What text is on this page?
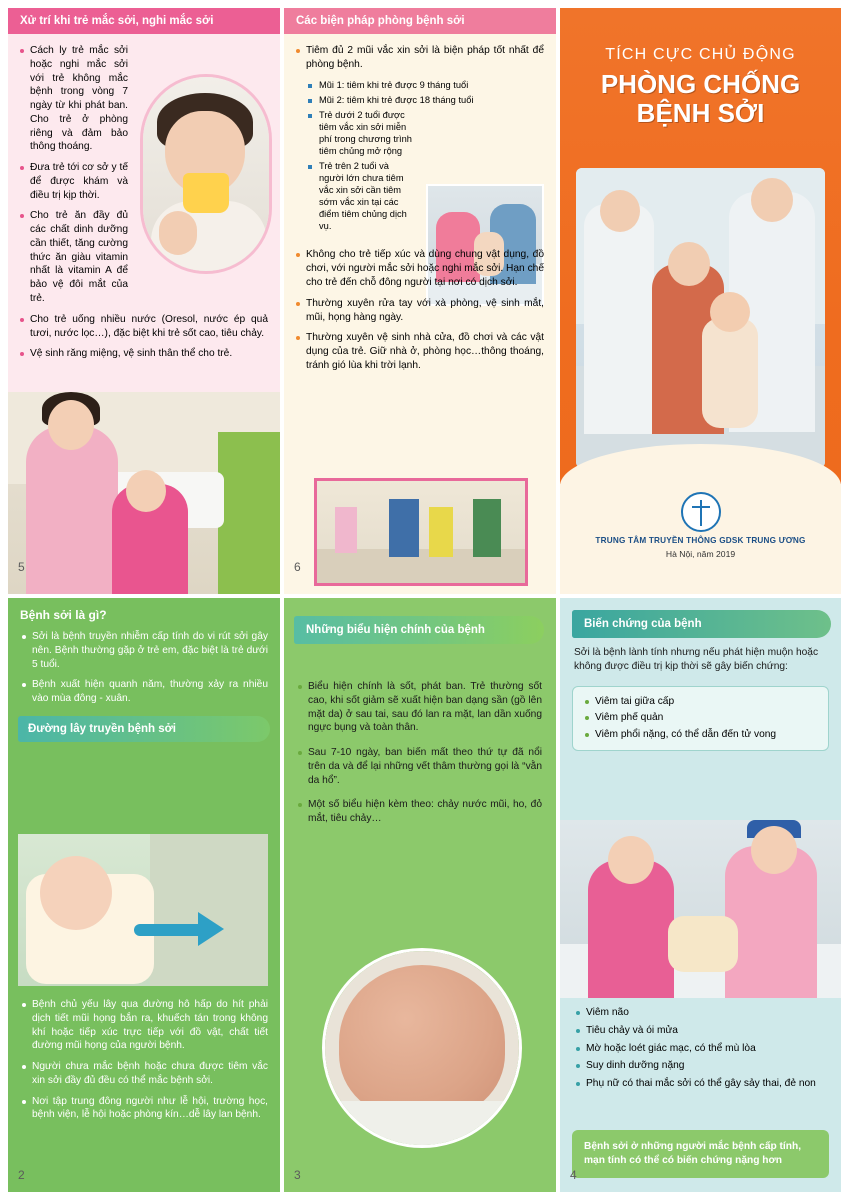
Xử trí khi trẻ mắc sởi, nghi mắc sởi
Cách ly trẻ mắc sởi hoặc nghi mắc sởi với trẻ không mắc bệnh trong vòng 7 ngày từ khi phát ban. Cho trẻ ở phòng riêng và đảm bảo thông thoáng.
Đưa trẻ tới cơ sở y tế để được khám và điều trị kịp thời.
Cho trẻ ăn đầy đủ các chất dinh dưỡng cần thiết, tăng cường thức ăn giàu vitamin nhất là vitamin A để bảo vệ đôi mắt của trẻ.
Cho trẻ uống nhiều nước (Oresol, nước ép quả tươi, nước lọc…), đặc biệt khi trẻ sốt cao, tiêu chảy.
Vệ sinh răng miệng, vệ sinh thân thể cho trẻ.
5
Các biện pháp phòng bệnh sởi
Tiêm đủ 2 mũi vắc xin sởi là biện pháp tốt nhất để phòng bệnh.
Mũi 1: tiêm khi trẻ được 9 tháng tuổi
Mũi 2: tiêm khi trẻ được 18 tháng tuổi
Trẻ dưới 2 tuổi được tiêm vắc xin sởi miễn phí trong chương trình tiêm chủng mở rộng
Trẻ trên 2 tuổi và người lớn chưa tiêm vắc xin sởi cần tiêm sớm vắc xin tại các điểm tiêm chủng dịch vụ.
Không cho trẻ tiếp xúc và dùng chung vật dụng, đồ chơi, với người mắc sởi hoặc nghi mắc sởi. Hạn chế cho trẻ đến chỗ đông người tại nơi có dịch sởi.
Thường xuyên rửa tay với xà phòng, vệ sinh mắt, mũi, họng hàng ngày.
Thường xuyên vệ sinh nhà cửa, đồ chơi và các vật dụng của trẻ. Giữ nhà ở, phòng học…thông thoáng, tránh gió lùa khi trời lạnh.
6
TÍCH CỰC CHỦ ĐỘNG
PHÒNG CHỐNG
BỆNH SỞI
TRUNG TÂM TRUYỀN THÔNG GDSK TRUNG ƯƠNG
Hà Nội, năm 2019
Bệnh sởi là gì?
Sởi là bệnh truyền nhiễm cấp tính do vi rút sởi gây nên. Bệnh thường gặp ở trẻ em, đặc biệt là trẻ dưới 5 tuổi.
Bệnh xuất hiện quanh năm, thường xảy ra nhiều vào mùa đông - xuân.
Đường lây truyền bệnh sởi
Bệnh chủ yếu lây qua đường hô hấp do hít phải dịch tiết mũi họng bắn ra, khuếch tán trong không khí hoặc tiếp xúc trực tiếp với đồ vật, chất tiết đường mũi họng của người bệnh.
Người chưa mắc bệnh hoặc chưa được tiêm vắc xin sởi đầy đủ đều có thể mắc bệnh sởi.
Nơi tập trung đông người như lễ hội, trường học, bệnh viện, lễ hội hoặc phòng kín…dễ lây lan bệnh.
2
Những biểu hiện chính của bệnh
Biểu hiện chính là sốt, phát ban. Trẻ thường sốt cao, khi sốt giảm sẽ xuất hiện ban dạng sần (gồ lên mặt da) ở sau tai, sau đó lan ra mặt, lan dần xuống ngực bụng và toàn thân.
Sau 7-10 ngày, ban biến mất theo thứ tự đã nổi trên da và để lại những vết thâm thường gọi là “vằn da hổ”.
Một số biểu hiện kèm theo: chảy nước mũi, ho, đỏ mắt, tiêu chảy…
3
Biến chứng của bệnh
Sởi là bệnh lành tính nhưng nếu phát hiện muộn hoặc không được điều trị kịp thời sẽ gây biến chứng:
Viêm tai giữa cấp
Viêm phế quản
Viêm phổi nặng, có thể dẫn đến tử vong
Viêm não
Tiêu chảy và ói mửa
Mờ hoặc loét giác mạc, có thể mù lòa
Suy dinh dưỡng nặng
Phụ nữ có thai mắc sởi có thể gây sảy thai, đẻ non
Bệnh sởi ở những người mắc bệnh cấp tính, mạn tính có thể có biến chứng nặng hơn
4
